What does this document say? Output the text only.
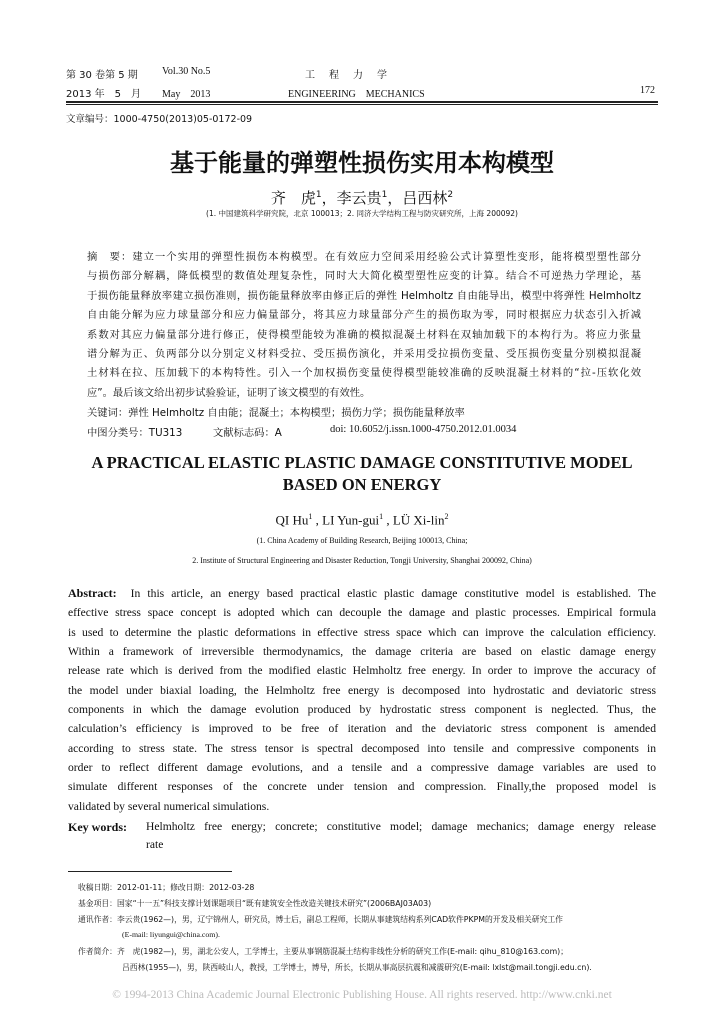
第 30 卷第 5 期 Vol.30 No.5	工　程　力　学
2013 年　5　月 May　2013	ENGINEERING　MECHANICS	172
文章编号：1000-4750(2013)05-0172-09
基于能量的弹塑性损伤实用本构模型
齐　虎$^1$，李云贵$^1$，吕西林$^2$
(1. 中国建筑科学研究院，北京 100013；2. 同济大学结构工程与防灾研究所，上海 200092)
摘　要：建立一个实用的弹塑性损伤本构模型。在有效应力空间采用经验公式计算塑性变形，能将模型塑性部分
与损伤部分解耦，降低模型的数值处理复杂性，同时大大简化模型塑性应变的计算。结合不可逆热力学理论，基
于损伤能量释放率建立损伤准则，损伤能量释放率由修正后的弹性 Helmholtz 自由能导出，模型中将弹性 Helmholtz
自由能分解为应力球量部分和应力偏量部分，将其应力球量部分产生的损伤取为零，同时根据应力状态引入折减
系数对其应力偏量部分进行修正，使得模型能较为准确的模拟混凝土材料在双轴加载下的本构行为。将应力张量
谱分解为正、负两部分以分别定义材料受拉、受压损伤演化，并采用受拉损伤变量、受压损伤变量分别模拟混凝
土材料在拉、压加载下的本构特性。引入一个加权损伤变量使得模型能较准确的反映混凝土材料的“拉-压软化效
应”。最后该文给出初步试验验证，证明了该文模型的有效性。
关键词：弹性 Helmholtz 自由能；混凝土；本构模型；损伤力学；损伤能量释放率
中图分类号：TU313	文献标志码：A	doi: 10.6052/j.issn.1000-4750.2012.01.0034
A PRACTICAL ELASTIC PLASTIC DAMAGE CONSTITUTIVE MODEL
BASED ON ENERGY
QI Hu$^1$ , LI Yun-gui$^1$ , LÜ Xi-lin$^2$
(1. China Academy of Building Research, Beijing 100013, China;
2. Institute of Structural Engineering and Disaster Reduction, Tongji University, Shanghai 200092, China)
Abstract: In this article, an energy based practical elastic plastic damage constitutive model is established. The
effective stress space concept is adopted which can decouple the damage and plastic processes. Empirical formula
is used to determine the plastic deformations in effective stress space which can improve the calculation efficiency.
Within a framework of irreversible thermodynamics, the damage criteria are based on elastic damage energy
release rate which is derived from the modified elastic Helmholtz free energy. In order to improve the accuracy of
the model under biaxial loading, the Helmholtz free energy is decomposed into hydrostatic and deviatoric stress
components in which the damage evolution produced by hydrostatic stress component is neglected. Thus, the
calculation’s efficiency is improved to be free of iteration and the deviatoric stress component is amended
according to stress state. The stress tensor is spectral decomposed into tensile and compressive components in
order to reflect different damage evolutions, and a tensile and a compressive damage variables are used to
simulate different responses of the concrete under tension and compression. Finally,the proposed model is
validated by several numerical simulations.
Key words: Helmholtz free energy; concrete; constitutive model; damage mechanics; damage energy release
rate
收稿日期：2012-01-11；修改日期：2012-03-28
基金项目：国家“十一五”科技支撑计划课题项目“既有建筑安全性改造关键技术研究”(2006BAJ03A03)
通讯作者：李云贵(1962—)，男，辽宁锦州人，研究员，博士后，副总工程师，长期从事建筑结构系列CAD软件PKPM的开发及相关研究工作
(E-mail: liyungui@china.com).
作者简介：齐　虎(1982—)，男，湖北公安人，工学博士，主要从事钢筋混凝土结构非线性分析的研究工作(E-mail: qihu_810@163.com)；
吕西林(1955—)，男，陕西岐山人，教授，工学博士，博导，所长，长期从事高层抗震和减震研究(E-mail: lxlst@mail.tongji.edu.cn).
© 1994-2013 China Academic Journal Electronic Publishing House. All rights reserved. http://www.cnki.net
